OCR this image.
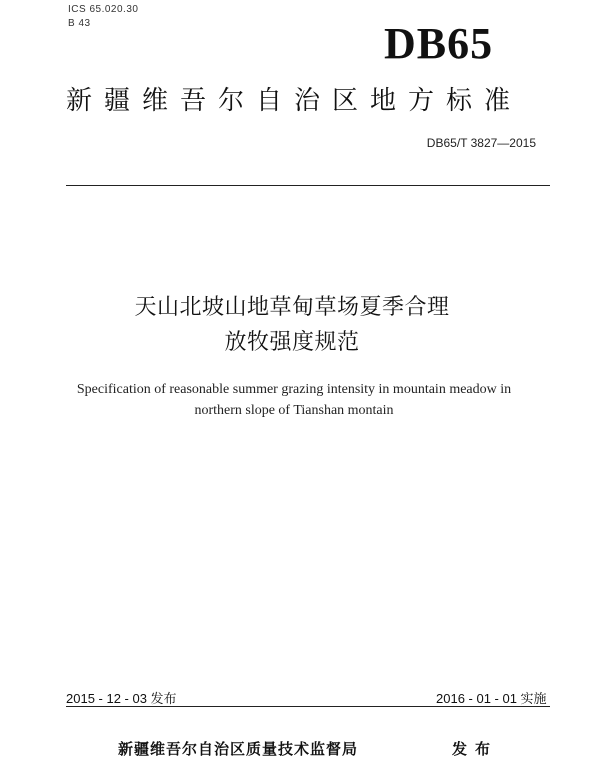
ICS 65.020.30
B 43	DB65
新疆维吾尔自治区地方标准
DB65/T 3827—2015
天山北坡山地草甸草场夏季合理
放牧强度规范
Specification of reasonable summer grazing intensity in mountain meadow in
northern slope of Tianshan montain
2015 - 12 - 03 发布	2016 - 01 - 01 实施
新疆维吾尔自治区质量技术监督局	发布
